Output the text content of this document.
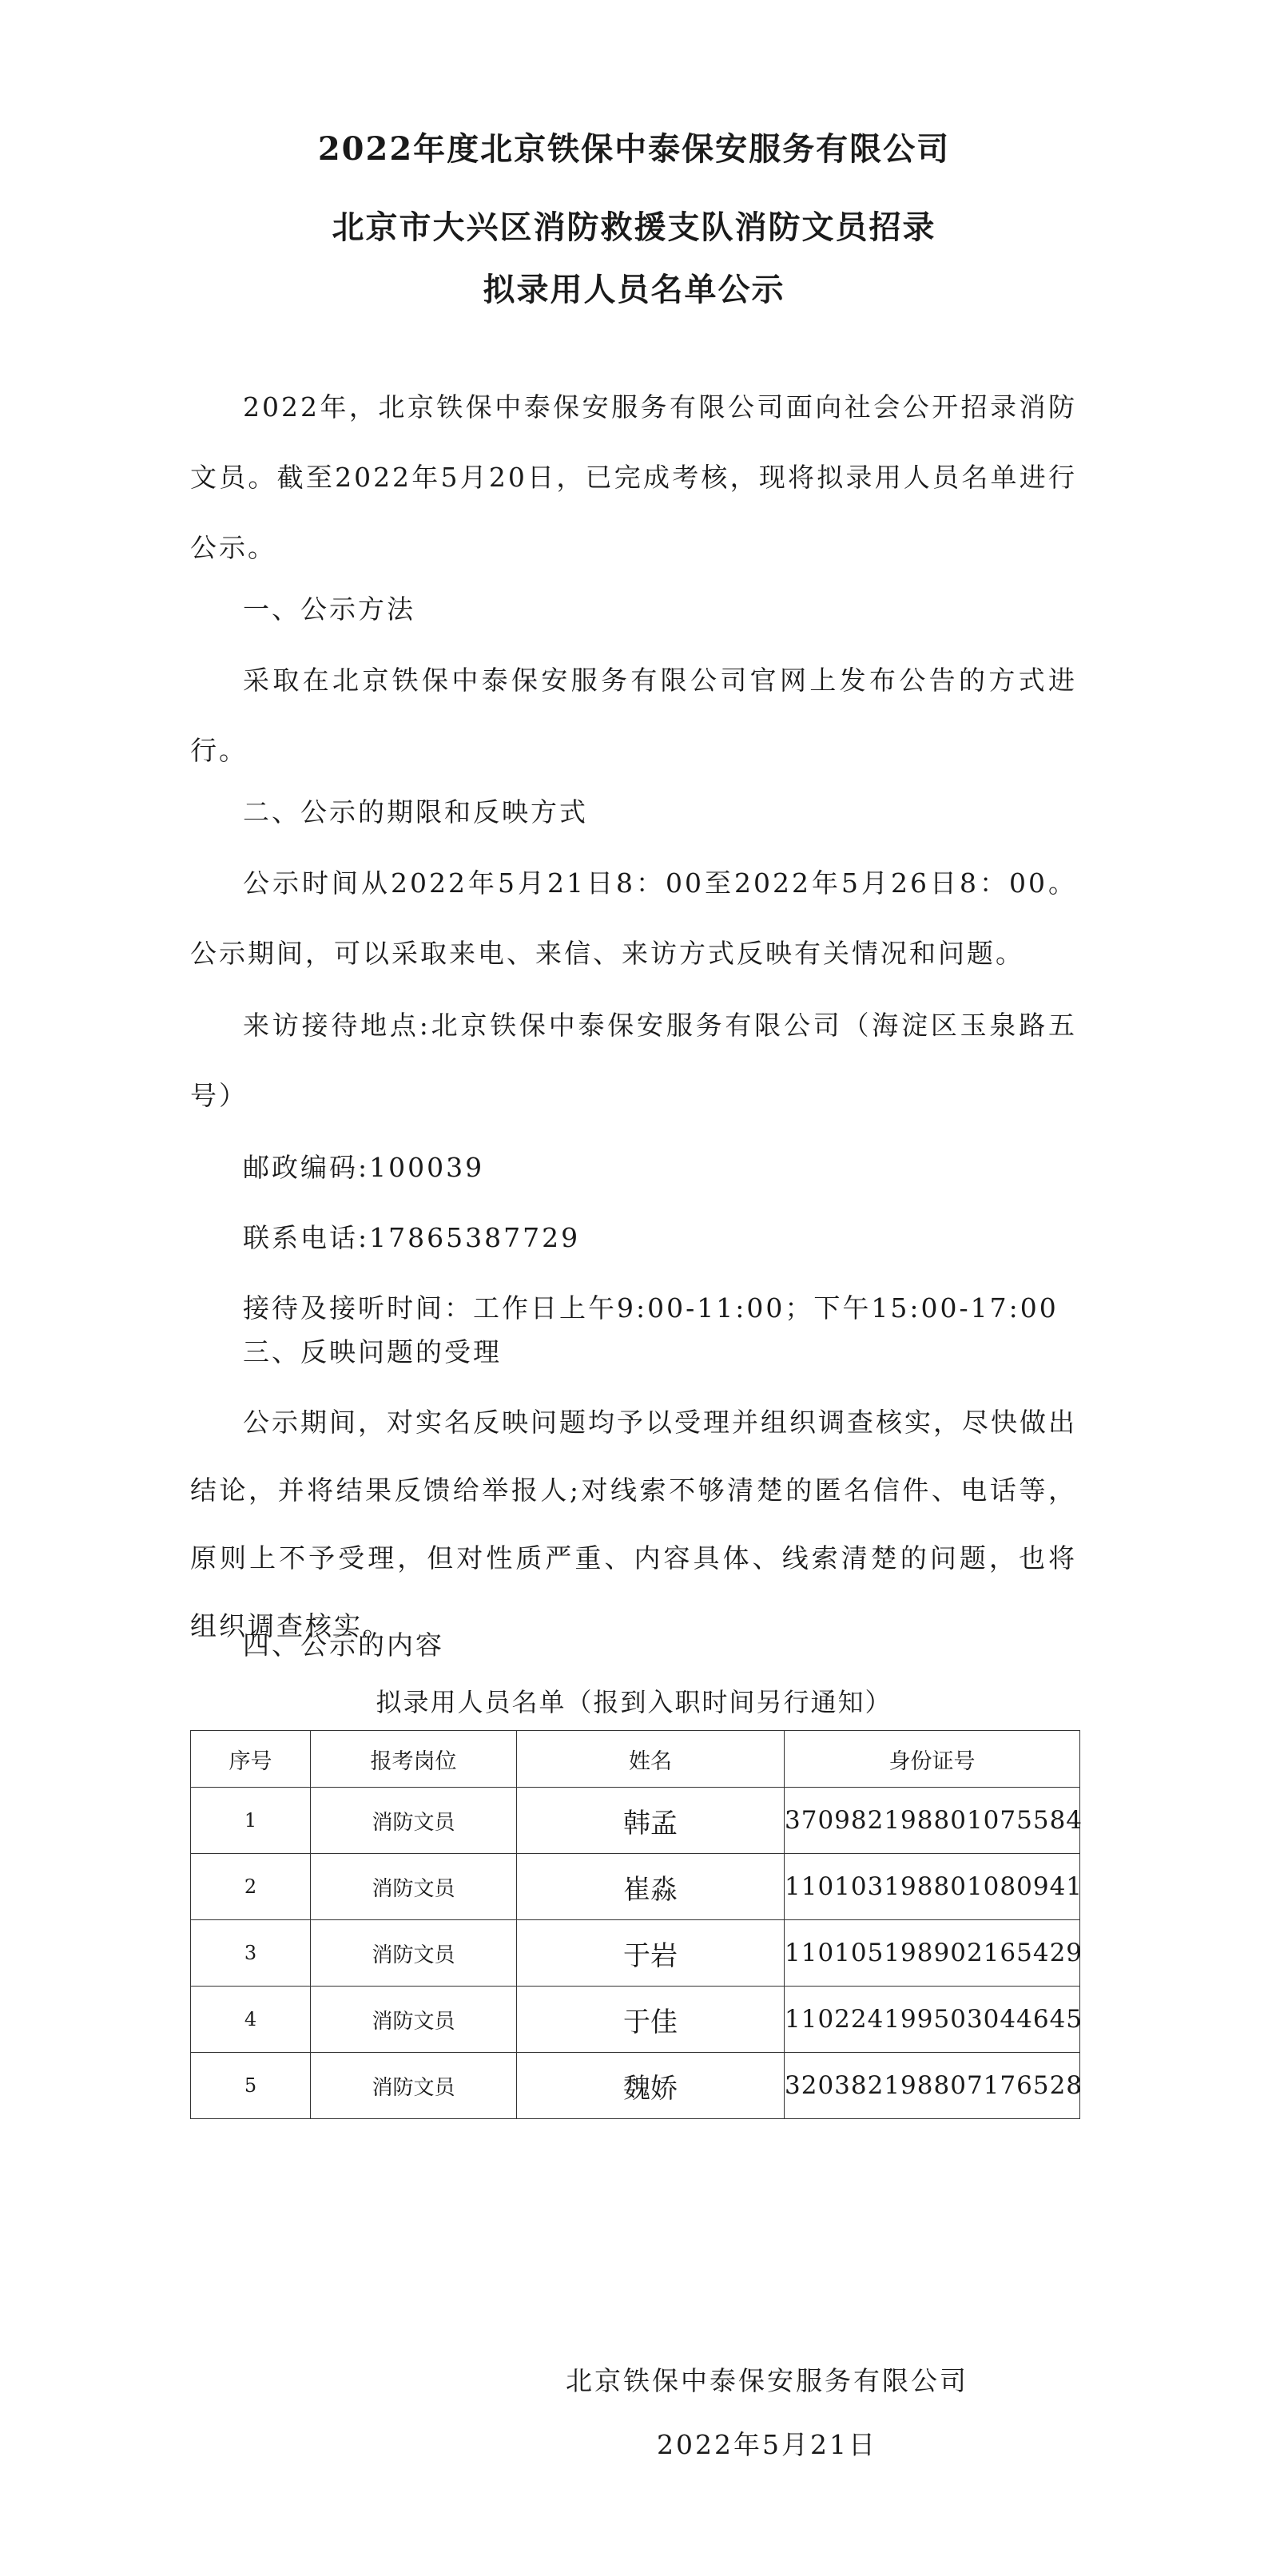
2022年度北京铁保中泰保安服务有限公司
北京市大兴区消防救援支队消防文员招录
拟录用人员名单公示
2022年，北京铁保中泰保安服务有限公司面向社会公开招录消防文员。截至2022年5月20日，已完成考核，现将拟录用人员名单进行公示。
一、公示方法
采取在北京铁保中泰保安服务有限公司官网上发布公告的方式进行。
二、公示的期限和反映方式
公示时间从2022年5月21日8：00至2022年5月26日8：00。公示期间，可以采取来电、来信、来访方式反映有关情况和问题。
来访接待地点:北京铁保中泰保安服务有限公司（海淀区玉泉路五号）
邮政编码:100039
联系电话:17865387729
接待及接听时间：工作日上午9:00-11:00；下午15:00-17:00
三、反映问题的受理
公示期间，对实名反映问题均予以受理并组织调查核实，尽快做出结论，并将结果反馈给举报人;对线索不够清楚的匿名信件、电话等，原则上不予受理，但对性质严重、内容具体、线索清楚的问题，也将组织调查核实。
四、公示的内容
拟录用人员名单（报到入职时间另行通知）
序号	报考岗位	姓名	身份证号
1	消防文员	韩孟	370982198801075584
2	消防文员	崔淼	110103198801080941
3	消防文员	于岩	110105198902165429
4	消防文员	于佳	110224199503044645
5	消防文员	魏娇	320382198807176528
北京铁保中泰保安服务有限公司
2022年5月21日
